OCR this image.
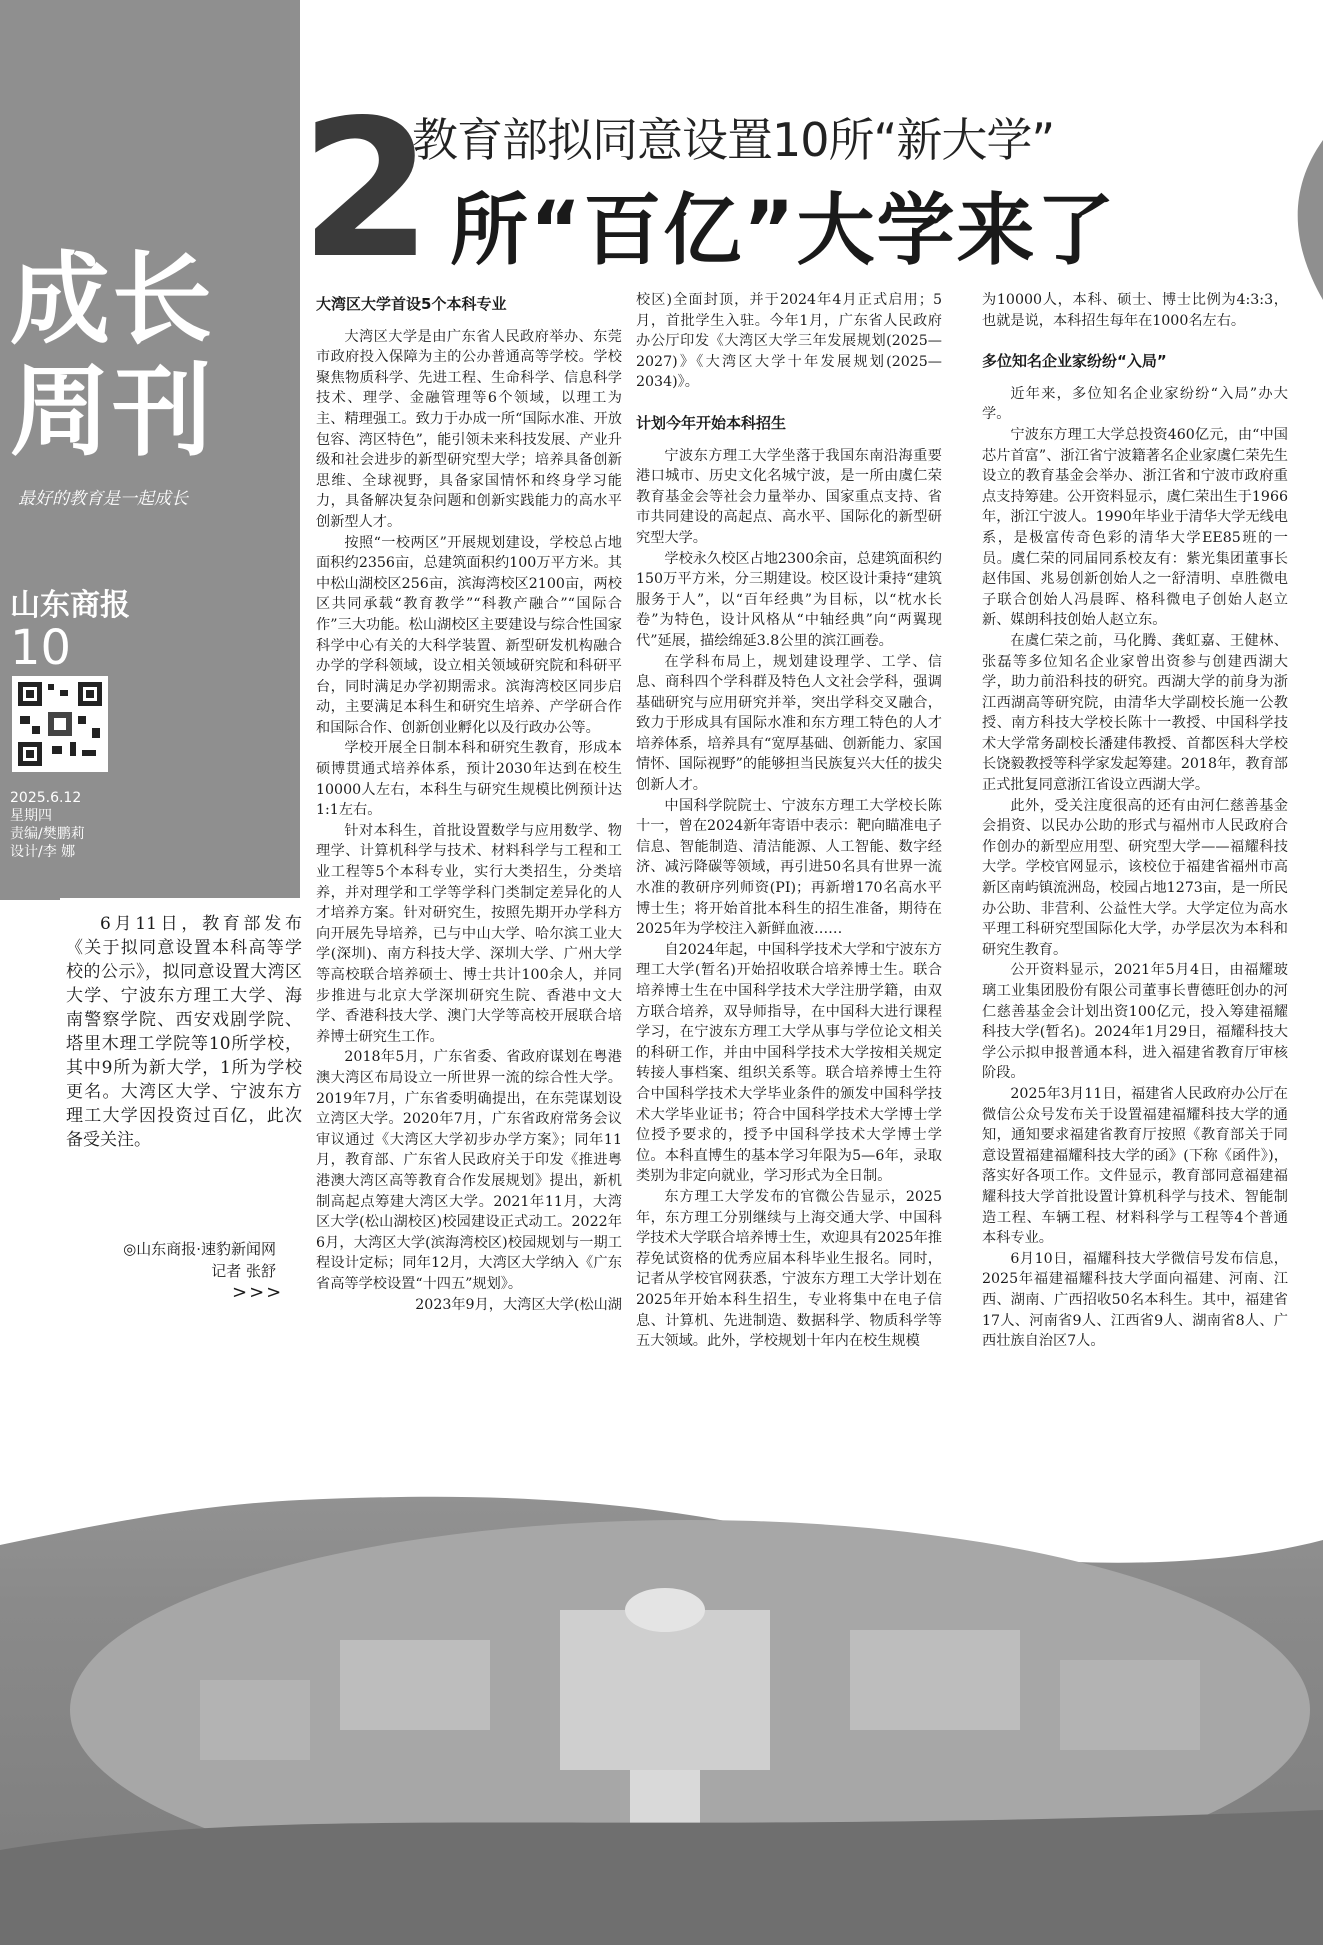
成长
周刊
最好的教育是一起成长
山东商报
10
2025.6.12
星期四
责编/樊鹏莉
设计/李 娜
2
教育部拟同意设置10所“新大学”
所“百亿”大学来了

6月11日，教育部发布《关于拟同意设置本科高等学校的公示》，拟同意设置大湾区大学、宁波东方理工大学、海南警察学院、西安戏剧学院、塔里木理工学院等10所学校，其中9所为新大学，1所为学校更名。大湾区大学、宁波东方理工大学因投资过百亿，此次备受关注。

◎山东商报·速豹新闻网
记者 张舒
>>>
大湾区大学首设5个本科专业

大湾区大学是由广东省人民政府举办、东莞市政府投入保障为主的公办普通高等学校。学校聚焦物质科学、先进工程、生命科学、信息科学技术、理学、金融管理等6个领域，以理工为主、精理强工。致力于办成一所“国际水准、开放包容、湾区特色”，能引领未来科技发展、产业升级和社会进步的新型研究型大学；培养具备创新思维、全球视野，具备家国情怀和终身学习能力，具备解决复杂问题和创新实践能力的高水平创新型人才。

按照“一校两区”开展规划建设，学校总占地面积约2356亩，总建筑面积约100万平方米。其中松山湖校区256亩，滨海湾校区2100亩，两校区共同承载“教育教学”“科教产融合”“国际合作”三大功能。松山湖校区主要建设与综合性国家科学中心有关的大科学装置、新型研发机构融合办学的学科领域，设立相关领域研究院和科研平台，同时满足办学初期需求。滨海湾校区同步启动，主要满足本科生和研究生培养、产学研合作和国际合作、创新创业孵化以及行政办公等。

学校开展全日制本科和研究生教育，形成本硕博贯通式培养体系，预计2030年达到在校生10000人左右，本科生与研究生规模比例预计达1:1左右。

针对本科生，首批设置数学与应用数学、物理学、计算机科学与技术、材料科学与工程和工业工程等5个本科专业，实行大类招生，分类培养，并对理学和工学等学科门类制定差异化的人才培养方案。针对研究生，按照先期开办学科方向开展先导培养，已与中山大学、哈尔滨工业大学(深圳)、南方科技大学、深圳大学、广州大学等高校联合培养硕士、博士共计100余人，并同步推进与北京大学深圳研究生院、香港中文大学、香港科技大学、澳门大学等高校开展联合培养博士研究生工作。

2018年5月，广东省委、省政府谋划在粤港澳大湾区布局设立一所世界一流的综合性大学。2019年7月，广东省委明确提出，在东莞谋划设立湾区大学。2020年7月，广东省政府常务会议审议通过《大湾区大学初步办学方案》；同年11月，教育部、广东省人民政府关于印发《推进粤港澳大湾区高等教育合作发展规划》提出，新机制高起点筹建大湾区大学。2021年11月，大湾区大学(松山湖校区)校园建设正式动工。2022年6月，大湾区大学(滨海湾校区)校园规划与一期工程设计定标；同年12月，大湾区大学纳入《广东省高等学校设置“十四五”规划》。

2023年9月，大湾区大学(松山湖

校区)全面封顶，并于2024年4月正式启用；5月，首批学生入驻。今年1月，广东省人民政府办公厅印发《大湾区大学三年发展规划(2025—2027)》《大湾区大学十年发展规划(2025—2034)》。

计划今年开始本科招生

宁波东方理工大学坐落于我国东南沿海重要港口城市、历史文化名城宁波，是一所由虞仁荣教育基金会等社会力量举办、国家重点支持、省市共同建设的高起点、高水平、国际化的新型研究型大学。

学校永久校区占地2300余亩，总建筑面积约150万平方米，分三期建设。校区设计秉持“建筑服务于人”，以“百年经典”为目标，以“枕水长卷”为特色，设计风格从“中轴经典”向“两翼现代”延展，描绘绵延3.8公里的滨江画卷。

在学科布局上，规划建设理学、工学、信息、商科四个学科群及特色人文社会学科，强调基础研究与应用研究并举，突出学科交叉融合，致力于形成具有国际水准和东方理工特色的人才培养体系，培养具有“宽厚基础、创新能力、家国情怀、国际视野”的能够担当民族复兴大任的拔尖创新人才。

中国科学院院士、宁波东方理工大学校长陈十一，曾在2024新年寄语中表示：靶向瞄准电子信息、智能制造、清洁能源、人工智能、数字经济、减污降碳等领域，再引进50名具有世界一流水准的教研序列师资(PI)；再新增170名高水平博士生；将开始首批本科生的招生准备，期待在2025年为学校注入新鲜血液……

自2024年起，中国科学技术大学和宁波东方理工大学(暂名)开始招收联合培养博士生。联合培养博士生在中国科学技术大学注册学籍，由双方联合培养，双导师指导，在中国科大进行课程学习，在宁波东方理工大学从事与学位论文相关的科研工作，并由中国科学技术大学按相关规定转接人事档案、组织关系等。联合培养博士生符合中国科学技术大学毕业条件的颁发中国科学技术大学毕业证书；符合中国科学技术大学博士学位授予要求的，授予中国科学技术大学博士学位。本科直博生的基本学习年限为5—6年，录取类别为非定向就业，学习形式为全日制。

东方理工大学发布的官微公告显示，2025年，东方理工分别继续与上海交通大学、中国科学技术大学联合培养博士生，欢迎具有2025年推荐免试资格的优秀应届本科毕业生报名。同时，记者从学校官网获悉，宁波东方理工大学计划在2025年开始本科生招生，专业将集中在电子信息、计算机、先进制造、数据科学、物质科学等五大领域。此外，学校规划十年内在校生规模

为10000人，本科、硕士、博士比例为4:3:3，也就是说，本科招生每年在1000名左右。

多位知名企业家纷纷“入局”

近年来，多位知名企业家纷纷“入局”办大学。

宁波东方理工大学总投资460亿元，由“中国芯片首富”、浙江省宁波籍著名企业家虞仁荣先生设立的教育基金会举办、浙江省和宁波市政府重点支持筹建。公开资料显示，虞仁荣出生于1966年，浙江宁波人。1990年毕业于清华大学无线电系，是极富传奇色彩的清华大学EE85班的一员。虞仁荣的同届同系校友有：紫光集团董事长赵伟国、兆易创新创始人之一舒清明、卓胜微电子联合创始人冯晨晖、格科微电子创始人赵立新、媒朗科技创始人赵立东。

在虞仁荣之前，马化腾、龚虹嘉、王健林、张磊等多位知名企业家曾出资参与创建西湖大学，助力前沿科技的研究。西湖大学的前身为浙江西湖高等研究院，由清华大学副校长施一公教授、南方科技大学校长陈十一教授、中国科学技术大学常务副校长潘建伟教授、首都医科大学校长饶毅教授等科学家发起筹建。2018年，教育部正式批复同意浙江省设立西湖大学。

此外，受关注度很高的还有由河仁慈善基金会捐资、以民办公助的形式与福州市人民政府合作创办的新型应用型、研究型大学——福耀科技大学。学校官网显示，该校位于福建省福州市高新区南屿镇流洲岛，校园占地1273亩，是一所民办公助、非营利、公益性大学。大学定位为高水平理工科研究型国际化大学，办学层次为本科和研究生教育。

公开资料显示，2021年5月4日，由福耀玻璃工业集团股份有限公司董事长曹德旺创办的河仁慈善基金会计划出资100亿元，投入筹建福耀科技大学(暂名)。2024年1月29日，福耀科技大学公示拟申报普通本科，进入福建省教育厅审核阶段。

2025年3月11日，福建省人民政府办公厅在微信公众号发布关于设置福建福耀科技大学的通知，通知要求福建省教育厅按照《教育部关于同意设置福建福耀科技大学的函》(下称《函件》)，落实好各项工作。文件显示，教育部同意福建福耀科技大学首批设置计算机科学与技术、智能制造工程、车辆工程、材料科学与工程等4个普通本科专业。

6月10日，福耀科技大学微信号发布信息，2025年福建福耀科技大学面向福建、河南、江西、湖南、广西招收50名本科生。其中，福建省17人、河南省9人、江西省9人、湖南省8人、广西壮族自治区7人。
